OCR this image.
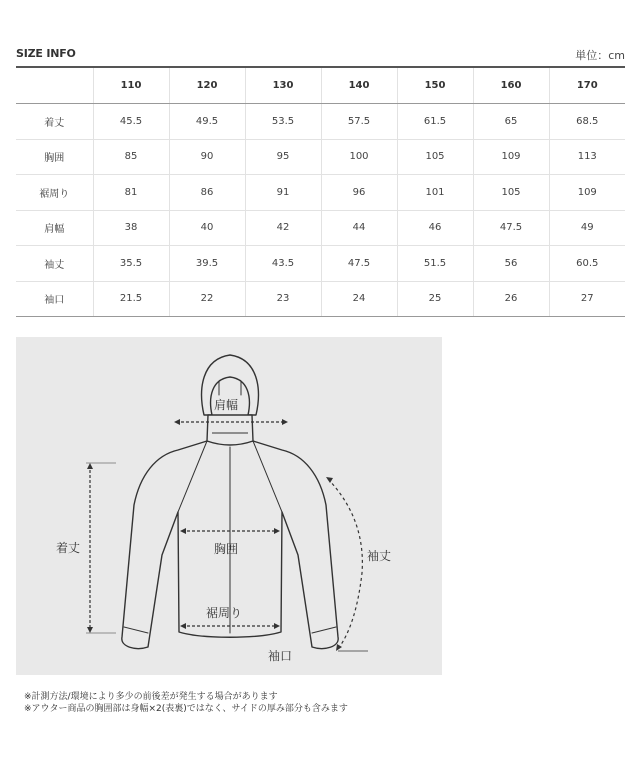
SIZE INFO	単位：cm
	110	120	130	140	150	160	170
着丈	45.5	49.5	53.5	57.5	61.5	65	68.5
胸囲	85	90	95	100	105	109	113
裾周り	81	86	91	96	101	105	109
肩幅	38	40	42	44	46	47.5	49
袖丈	35.5	39.5	43.5	47.5	51.5	56	60.5
袖口	21.5	22	23	24	25	26	27
肩幅
着丈	胸囲	袖丈
裾周り
袖口
※計測方法/環境により多少の前後差が発生する場合があります
※アウター商品の胸囲部は身幅×2(表裏)ではなく、サイドの厚み部分も含みます
